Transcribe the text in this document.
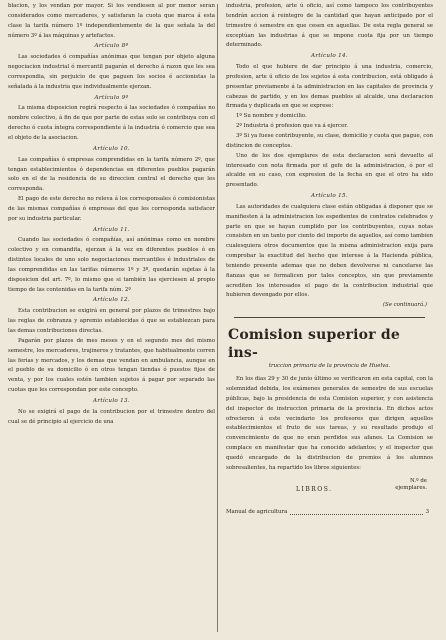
blacion, y los vendan por mayor. Si los vendiesen al por menor seran considerados como mercaderes, y satisfaran la cuota que marca á esta clase la tarifa número 1º independientemente de la que señala la del número 3º á las máquinas y artefactos.

Artículo 8º

Las sociedades ó compañías anónimas que tengan por objeto alguna negociacion industrial ó mercantil pagarán el derecho á razon que les sea correspondia, sin perjuicio de que paguen los socios é accionistas la señalada á la industria que individualmente ejerzan.

Artículo 9º

La misma disposicion regirá respecto á las sociedades ó compañías no nombre colectivo, á fin de que por parte de estas solo se contribuya con el derecho ó cuota íntegra correspondiente á la industria ó comercio que sea el objeto de la asociacion.

Artículo 10.

Las compañías ó empresas comprendidas en la tarifa número 2º, que tengan establecimientos ó dependencias en diferentes pueblos pagarán solo en el de la residencia de su direccion central el derecho que les corresponda.

El pago de este derecho no releva á los corresponsales ó comisionistas de las mismas compañías ó empresas del que les corresponda satisfacer por su industria particular.

Artículo 11.

Cuando las sociedades ó compañías, así anónimas como en nombre colectivo y en comandita, ejerzan á la vez en diferentes pueblos ó en distintos locales de uno solo negociaciones mercantiles é industriales de las comprendidas en las tarifas números 1º y 3º, quedarán sujetas á la disposicion del art. 7º, lo mismo que si también las ejerciesen al propio tiempo de las contenidas en la tarifa núm. 2º

Artículo 12.

Esta contribucion se exigirá en general por plazos de trimestres bajo las reglas de cobranza y apremio establecidas ó que se establezcan para las demas contribuciones directas.

Pagarán por plazos de mes meses y en el segundo mes del mismo semestre, los mercaderes, trajineros y tratantes, que habitualmente corren las ferias y mercados, y los demas que vendan en ambulancia, aunque en el pueblo de su domicilio ó en otros tengan tiendas ó puestos fijos de venta, y por los cuales estén tambien sujetos á pagar por separado las cuotas que les correspondan por este concepto.

Artículo 13.

No se exigirá el pago de la contribucion por el trimestre dentro del cual se dé principio al ejercicio de una

industria, profesion, arte ú oficio, así como tampoco los contribuyentes tendrán accion á reintegro de la cantidad que hayan anticipado por el trimestre ó semestre en que cesen en aquellas. De esta regla general se exceptúan las industrias á que se impone cuota fija por un tiempo determinado.

Artículo 14.

Todo el que hubiere de dar principio á una industria, comercio, profesion, arte ú oficio de los sujetos á esta contribucion, está obligado á presentar previamente á la administracion en las capitales de provincia y cabezas de partido, y en los demas pueblos al alcalde, una declaracion firmada y duplicada en que se exprese:

1º Su nombre y domicilio.

2º Industria ó profesion que va á ejercer.

3º Si ya fuese contribuyente, su clase, domicilio y cuota que pague, con distincion de conceptos.

Uno de los dos ejemplares de esta declaracion será devuelto al interesado con nota firmada por el gefe de la administracion, ó por el alcalde en su caso, con expresion de la fecha en que el otro ha sido presentado.

Artículo 15.

Las autoridades de cualquiera clase están obligadas á disponer que se manifiesten á la administracion los espedientes de contratos celebrados y parte en que se hayan cumplido por los contribuyentes, cuyas notas consisten en un tanto por ciento del importe de aquellos, así como tambien cualesquiera otros documentos que la misma administracion exija para comprobar la exactitud del hecho que interese á la Hacienda pública, teniendo presente ademas que no deben devolverse ni cancelarse las fianzas que se formalicen por tales conceptos, sin que previamente acrediten los interesados el pago de la contribucion industrial que hubieren devengado por ellos.

(Se continuará.)
Comision superior de ins-
truccion primaria de la provincia de Huelva.

En los dias 29 y 30 de junio último se verificaron en esta capital, con la solemnidad debida, los exámenes generales de semestre de sus escuelas públicas, bajo la presidencia de esta Comision superior, y con asistencia del inspector de instruccion primaria de la provincia. En dichos actos ofrecieron á este vecindario los profesores que dirigen aquellos establecimientos el fruto de sus tareas, y su resultado produjo el convencimiento de que no eran perdidos sus afanes. La Comision se complace en manifestar que ha conocido adelantos; y el inspector que quedó encargado de la distribucion de premios á los alumnos sobresalientes, ha repartido los libros siguientes:

LIBROS.
N.º de ejemplares.
Manual de agricultura	3
